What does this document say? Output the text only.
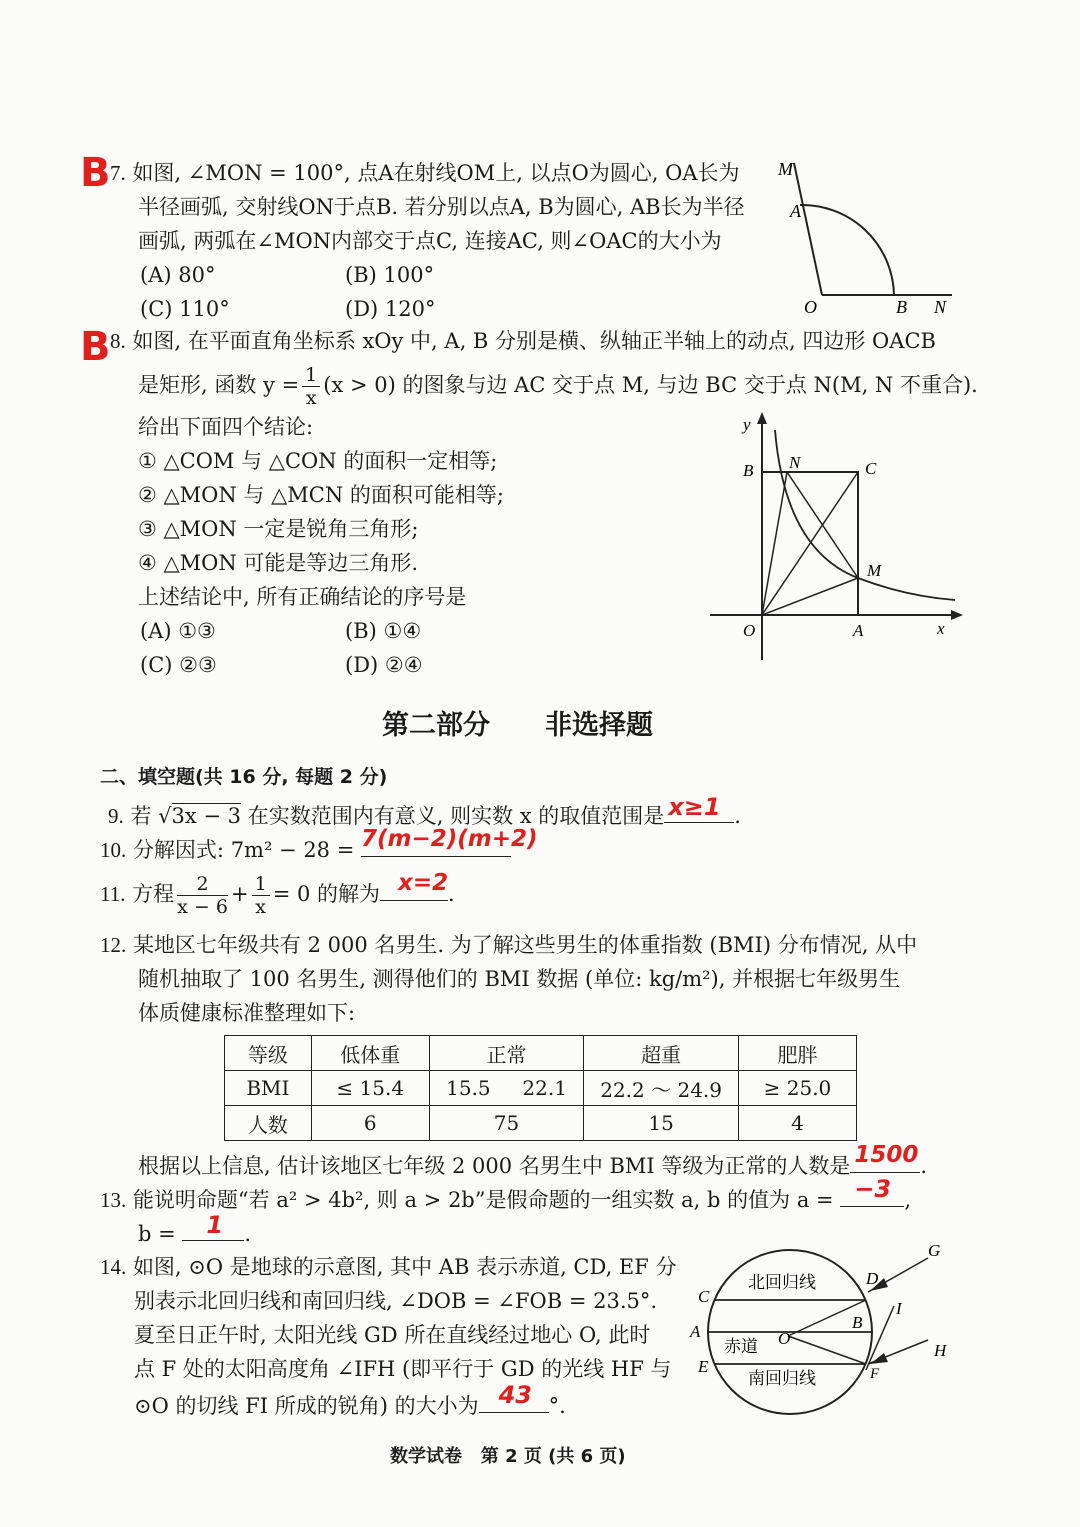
B 7. 如图, ∠MON = 100°, 点A在射线OM上, 以点O为圆心, OA长为
半径画弧, 交射线ON于点B. 若分别以点A, B为圆心, AB长为半径
画弧, 两弧在∠MON内部交于点C, 连接AC, 则∠OAC的大小为
(A) 80°	(B) 100°
(C) 110°	(D) 120°
M
A
O	B N
B 8. 如图, 在平面直角坐标系 xOy 中, A, B 分别是横、纵轴正半轴上的动点, 四边形 OACB
是矩形, 函数 $y = \frac{1}{x} (x > 0)$ 的图象与边 AC 交于点 M, 与边 BC 交于点 N(M, N 不重合).
给出下面四个结论:
① △COM 与 △CON 的面积一定相等;
② △MON 与 △MCN 的面积可能相等;
③ △MON 一定是锐角三角形;
④ △MON 可能是等边三角形.
上述结论中, 所有正确结论的序号是
(A) ①③	(B) ①④
(C) ②③	(D) ②④
y
x
B N	C
M
O	A
第二部分 非选择题
二、填空题(共 16 分, 每题 2 分)
9. 若 √3x − 3 在实数范围内有意义, 则实数 x 的取值范围是 x≥1 .
10. 分解因式: 7m² − 28 = 7(m−2)(m+2)
11. 方程 $\frac{2}{x - 6} + \frac{1}{x} = 0$ 的解为 x=2 .
12. 某地区七年级共有 2 000 名男生. 为了解这些男生的体重指数 (BMI) 分布情况, 从中
随机抽取了 100 名男生, 测得他们的 BMI 数据 (单位: kg/m²), 并根据七年级男生
体质健康标准整理如下:
等级	低体重	正常	超重	肥胖
BMI	≤ 15.4	15.5     22.1	22.2 ～ 24.9	≥ 25.0
人数	6	75	15	4
根据以上信息, 估计该地区七年级 2 000 名男生中 BMI 等级为正常的人数是 1500 .
13. 能说明命题“若 a² > 4b², 则 a > 2b”是假命题的一组实数 a, b 的值为 a = −3 ,
b = 1 .
14. 如图, ⊙O 是地球的示意图, 其中 AB 表示赤道, CD, EF 分
别表示北回归线和南回归线, ∠DOB = ∠FOB = 23.5°.
夏至日正午时, 太阳光线 GD 所在直线经过地心 O, 此时
点 F 处的太阳高度角 ∠IFH (即平行于 GD 的光线 HF 与
⊙O 的切线 FI 所成的锐角) 的大小为 43 °.
北回归线
赤道
南回归线
C
D
A	O
B
E	F
G
H
I
数学试卷   第 2 页 (共 6 页)
